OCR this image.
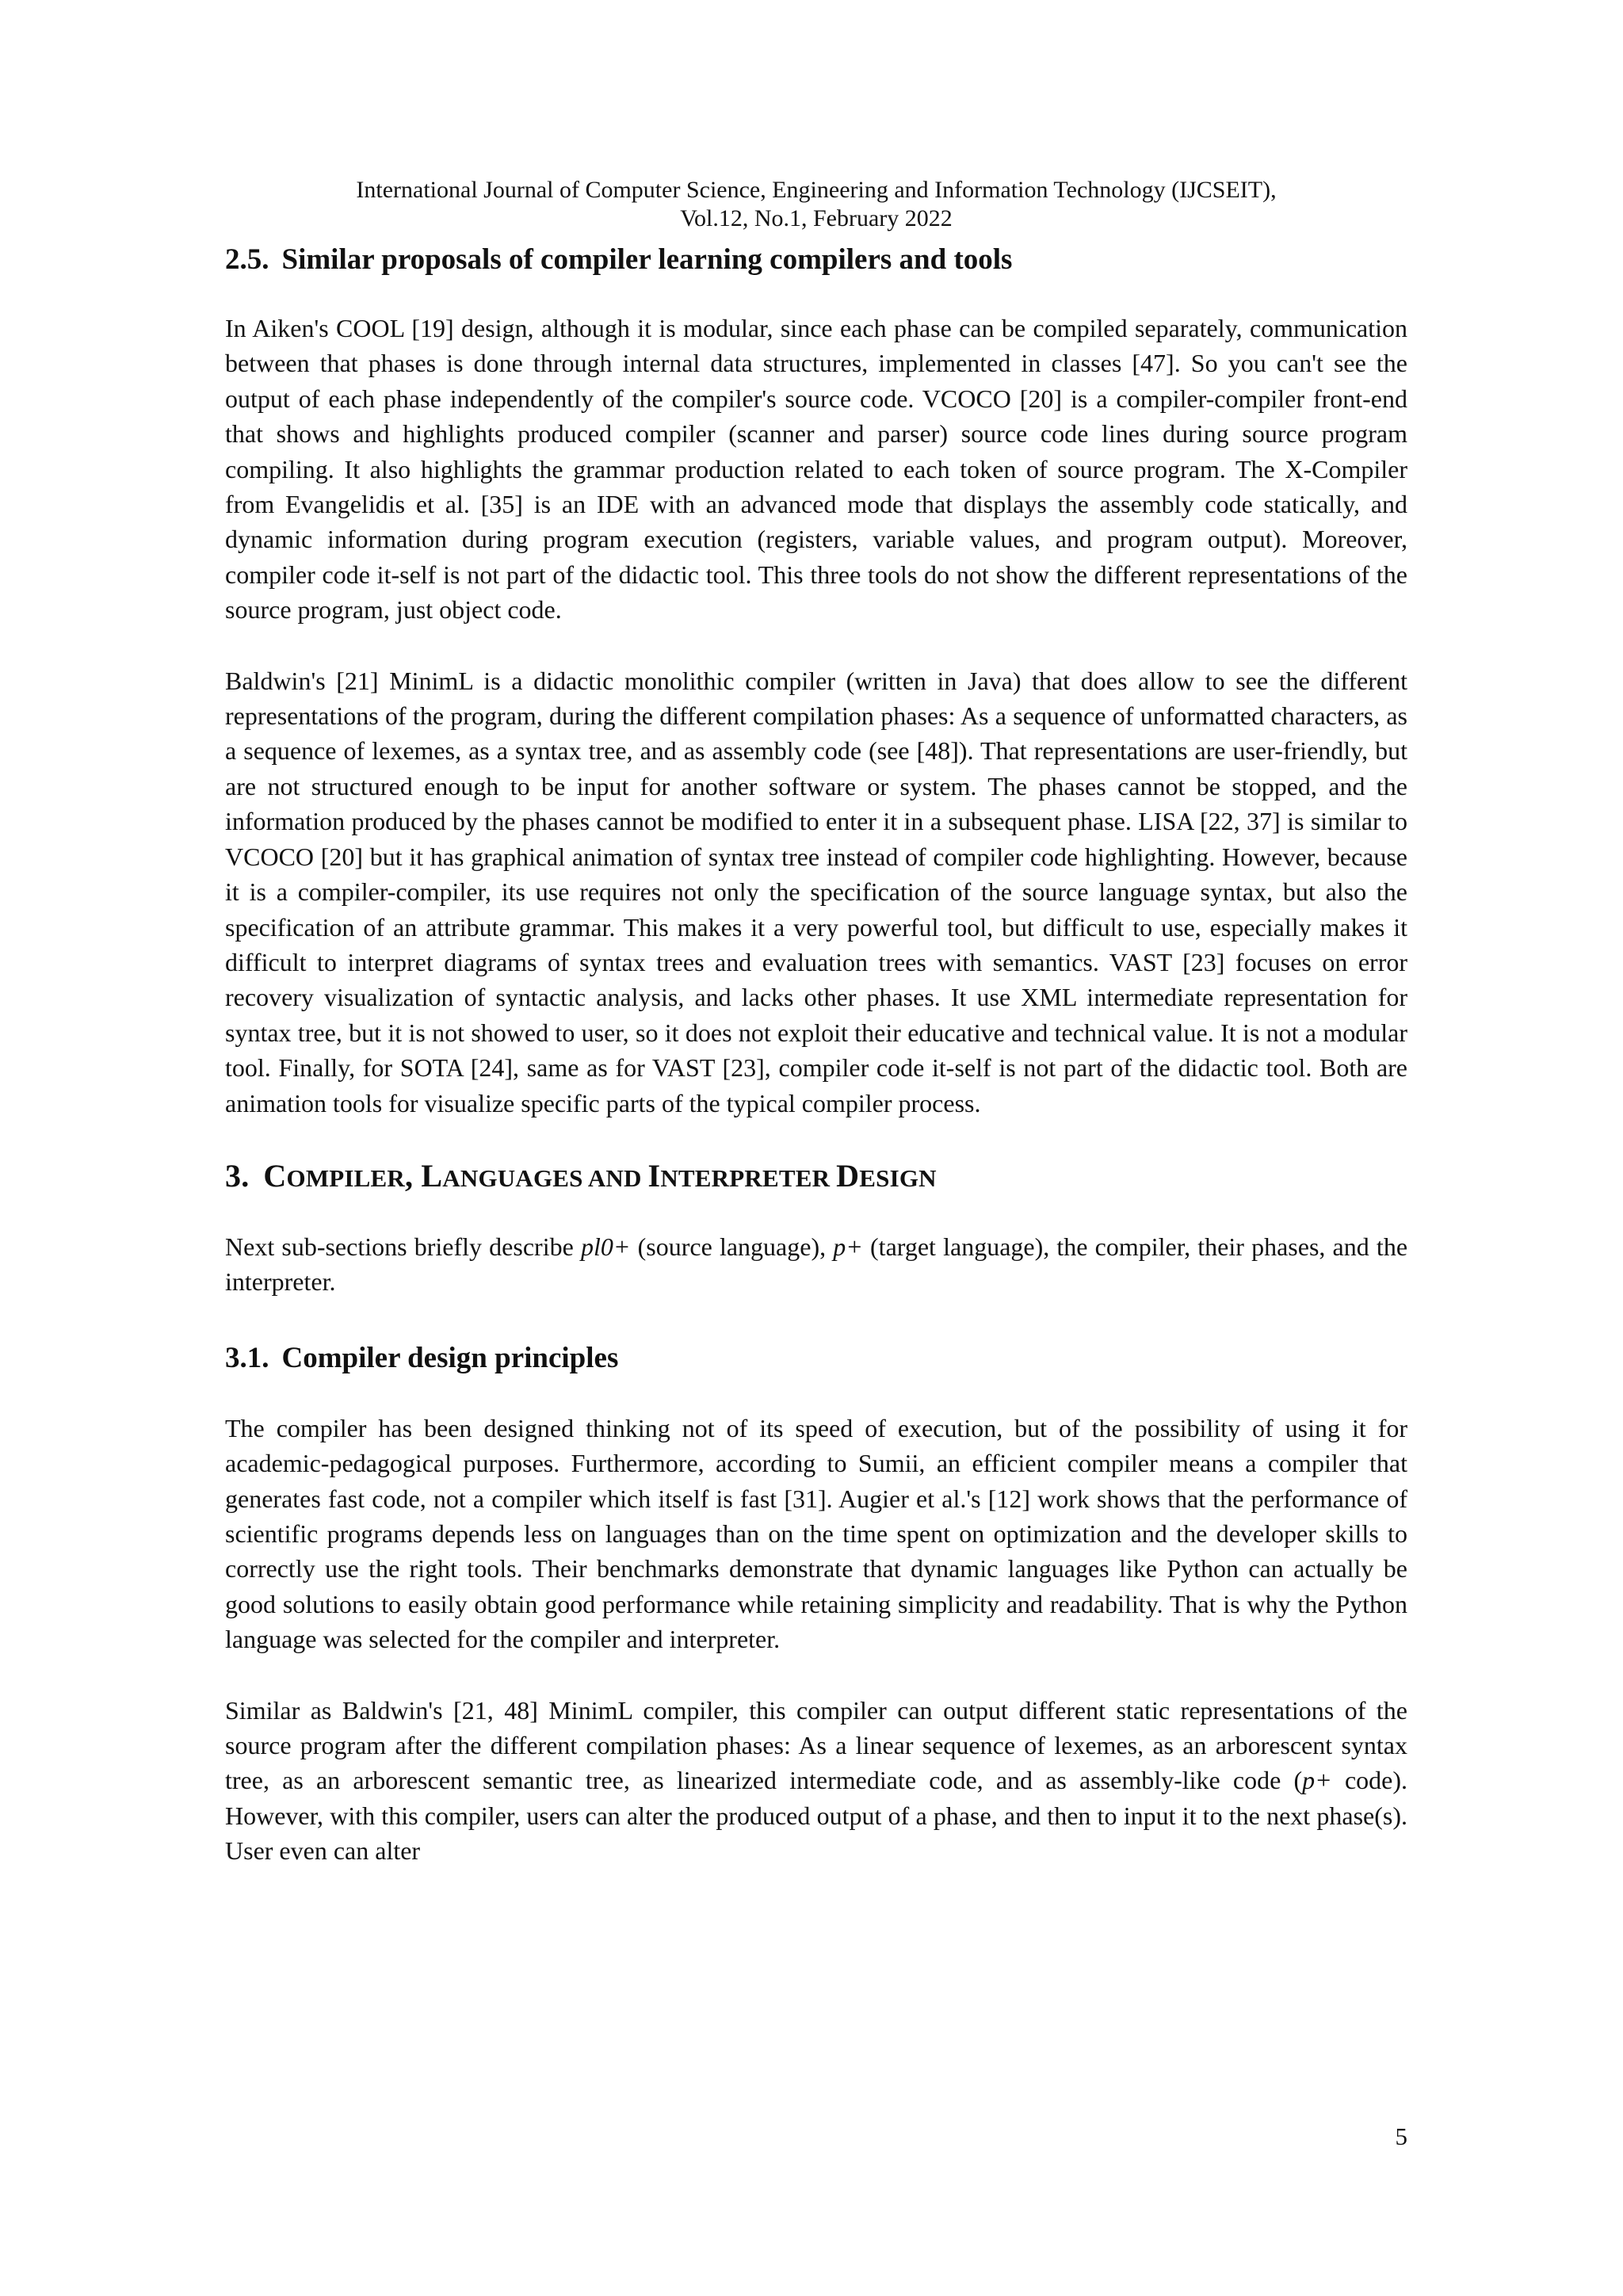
International Journal of Computer Science, Engineering and Information Technology (IJCSEIT),
Vol.12, No.1, February 2022
2.5. Similar proposals of compiler learning compilers and tools

In Aiken's COOL [19] design, although it is modular, since each phase can be compiled separately, communication between that phases is done through internal data structures, implemented in classes [47]. So you can't see the output of each phase independently of the compiler's source code. VCOCO [20] is a compiler-compiler front-end that shows and highlights produced compiler (scanner and parser) source code lines during source program compiling. It also highlights the grammar production related to each token of source program. The X-Compiler from Evangelidis et al. [35] is an IDE with an advanced mode that displays the assembly code statically, and dynamic information during program execution (registers, variable values, and program output). Moreover, compiler code it-self is not part of the didactic tool. This three tools do not show the different representations of the source program, just object code.

Baldwin's [21] MinimL is a didactic monolithic compiler (written in Java) that does allow to see the different representations of the program, during the different compilation phases: As a sequence of unformatted characters, as a sequence of lexemes, as a syntax tree, and as assembly code (see [48]). That representations are user-friendly, but are not structured enough to be input for another software or system. The phases cannot be stopped, and the information produced by the phases cannot be modified to enter it in a subsequent phase. LISA [22, 37] is similar to VCOCO [20] but it has graphical animation of syntax tree instead of compiler code highlighting. However, because it is a compiler-compiler, its use requires not only the specification of the source language syntax, but also the specification of an attribute grammar. This makes it a very powerful tool, but difficult to use, especially makes it difficult to interpret diagrams of syntax trees and evaluation trees with semantics. VAST [23] focuses on error recovery visualization of syntactic analysis, and lacks other phases. It use XML intermediate representation for syntax tree, but it is not showed to user, so it does not exploit their educative and technical value. It is not a modular tool. Finally, for SOTA [24], same as for VAST [23], compiler code it-self is not part of the didactic tool. Both are animation tools for visualize specific parts of the typical compiler process.

3. COMPILER, LANGUAGES AND INTERPRETER DESIGN

Next sub-sections briefly describe pl0+ (source language), p+ (target language), the compiler, their phases, and the interpreter.

3.1. Compiler design principles

The compiler has been designed thinking not of its speed of execution, but of the possibility of using it for academic-pedagogical purposes. Furthermore, according to Sumii, an efficient compiler means a compiler that generates fast code, not a compiler which itself is fast [31]. Augier et al.'s [12] work shows that the performance of scientific programs depends less on languages than on the time spent on optimization and the developer skills to correctly use the right tools. Their benchmarks demonstrate that dynamic languages like Python can actually be good solutions to easily obtain good performance while retaining simplicity and readability. That is why the Python language was selected for the compiler and interpreter.

Similar as Baldwin's [21, 48] MinimL compiler, this compiler can output different static representations of the source program after the different compilation phases: As a linear sequence of lexemes, as an arborescent syntax tree, as an arborescent semantic tree, as linearized intermediate code, and as assembly-like code (p+ code). However, with this compiler, users can alter the produced output of a phase, and then to input it to the next phase(s). User even can alter

5
